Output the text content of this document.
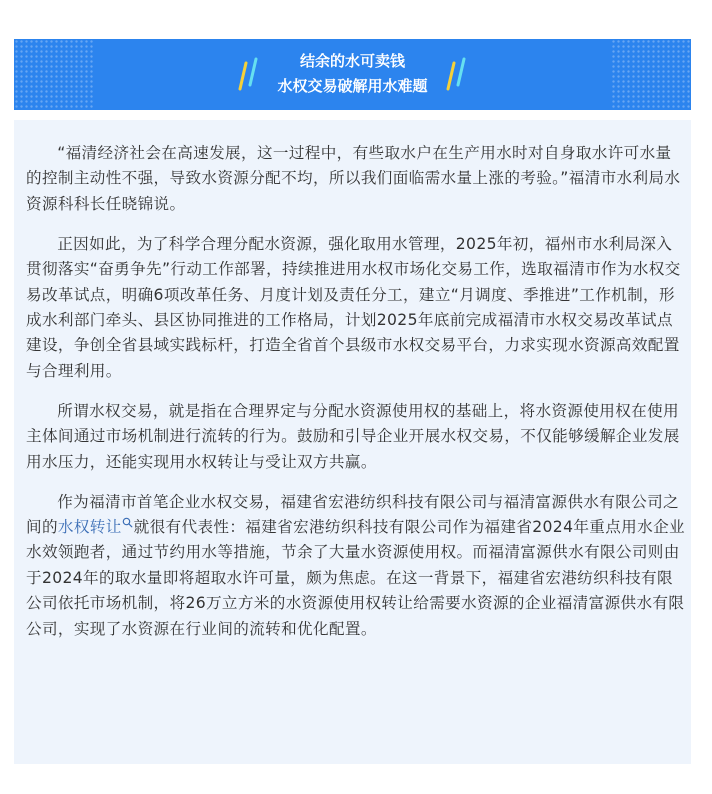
结余的水可卖钱
水权交易破解用水难题

“福清经济社会在高速发展，这一过程中，有些取水户在生产用水时对自身取水许可水量的控制主动性不强，导致水资源分配不均，所以我们面临需水量上涨的考验。”福清市水利局水资源科科长任晓锦说。

正因如此，为了科学合理分配水资源，强化取用水管理，2025年初，福州市水利局深入贯彻落实“奋勇争先”行动工作部署，持续推进用水权市场化交易工作，选取福清市作为水权交易改革试点，明确6项改革任务、月度计划及责任分工，建立“月调度、季推进”工作机制，形成水利部门牵头、县区协同推进的工作格局，计划2025年底前完成福清市水权交易改革试点建设，争创全省县域实践标杆，打造全省首个县级市水权交易平台，力求实现水资源高效配置与合理利用。

所谓水权交易，就是指在合理界定与分配水资源使用权的基础上，将水资源使用权在使用主体间通过市场机制进行流转的行为。鼓励和引导企业开展水权交易，不仅能够缓解企业发展用水压力，还能实现用水权转让与受让双方共赢。

作为福清市首笔企业水权交易，福建省宏港纺织科技有限公司与福清富源供水有限公司之间的水权转让 就很有代表性：福建省宏港纺织科技有限公司作为福建省2024年重点用水企业水效领跑者，通过节约用水等措施，节余了大量水资源使用权。而福清富源供水有限公司则由于2024年的取水量即将超取水许可量，颇为焦虑。在这一背景下，福建省宏港纺织科技有限公司依托市场机制，将26万立方米的水资源使用权转让给需要水资源的企业福清富源供水有限公司，实现了水资源在行业间的流转和优化配置。
